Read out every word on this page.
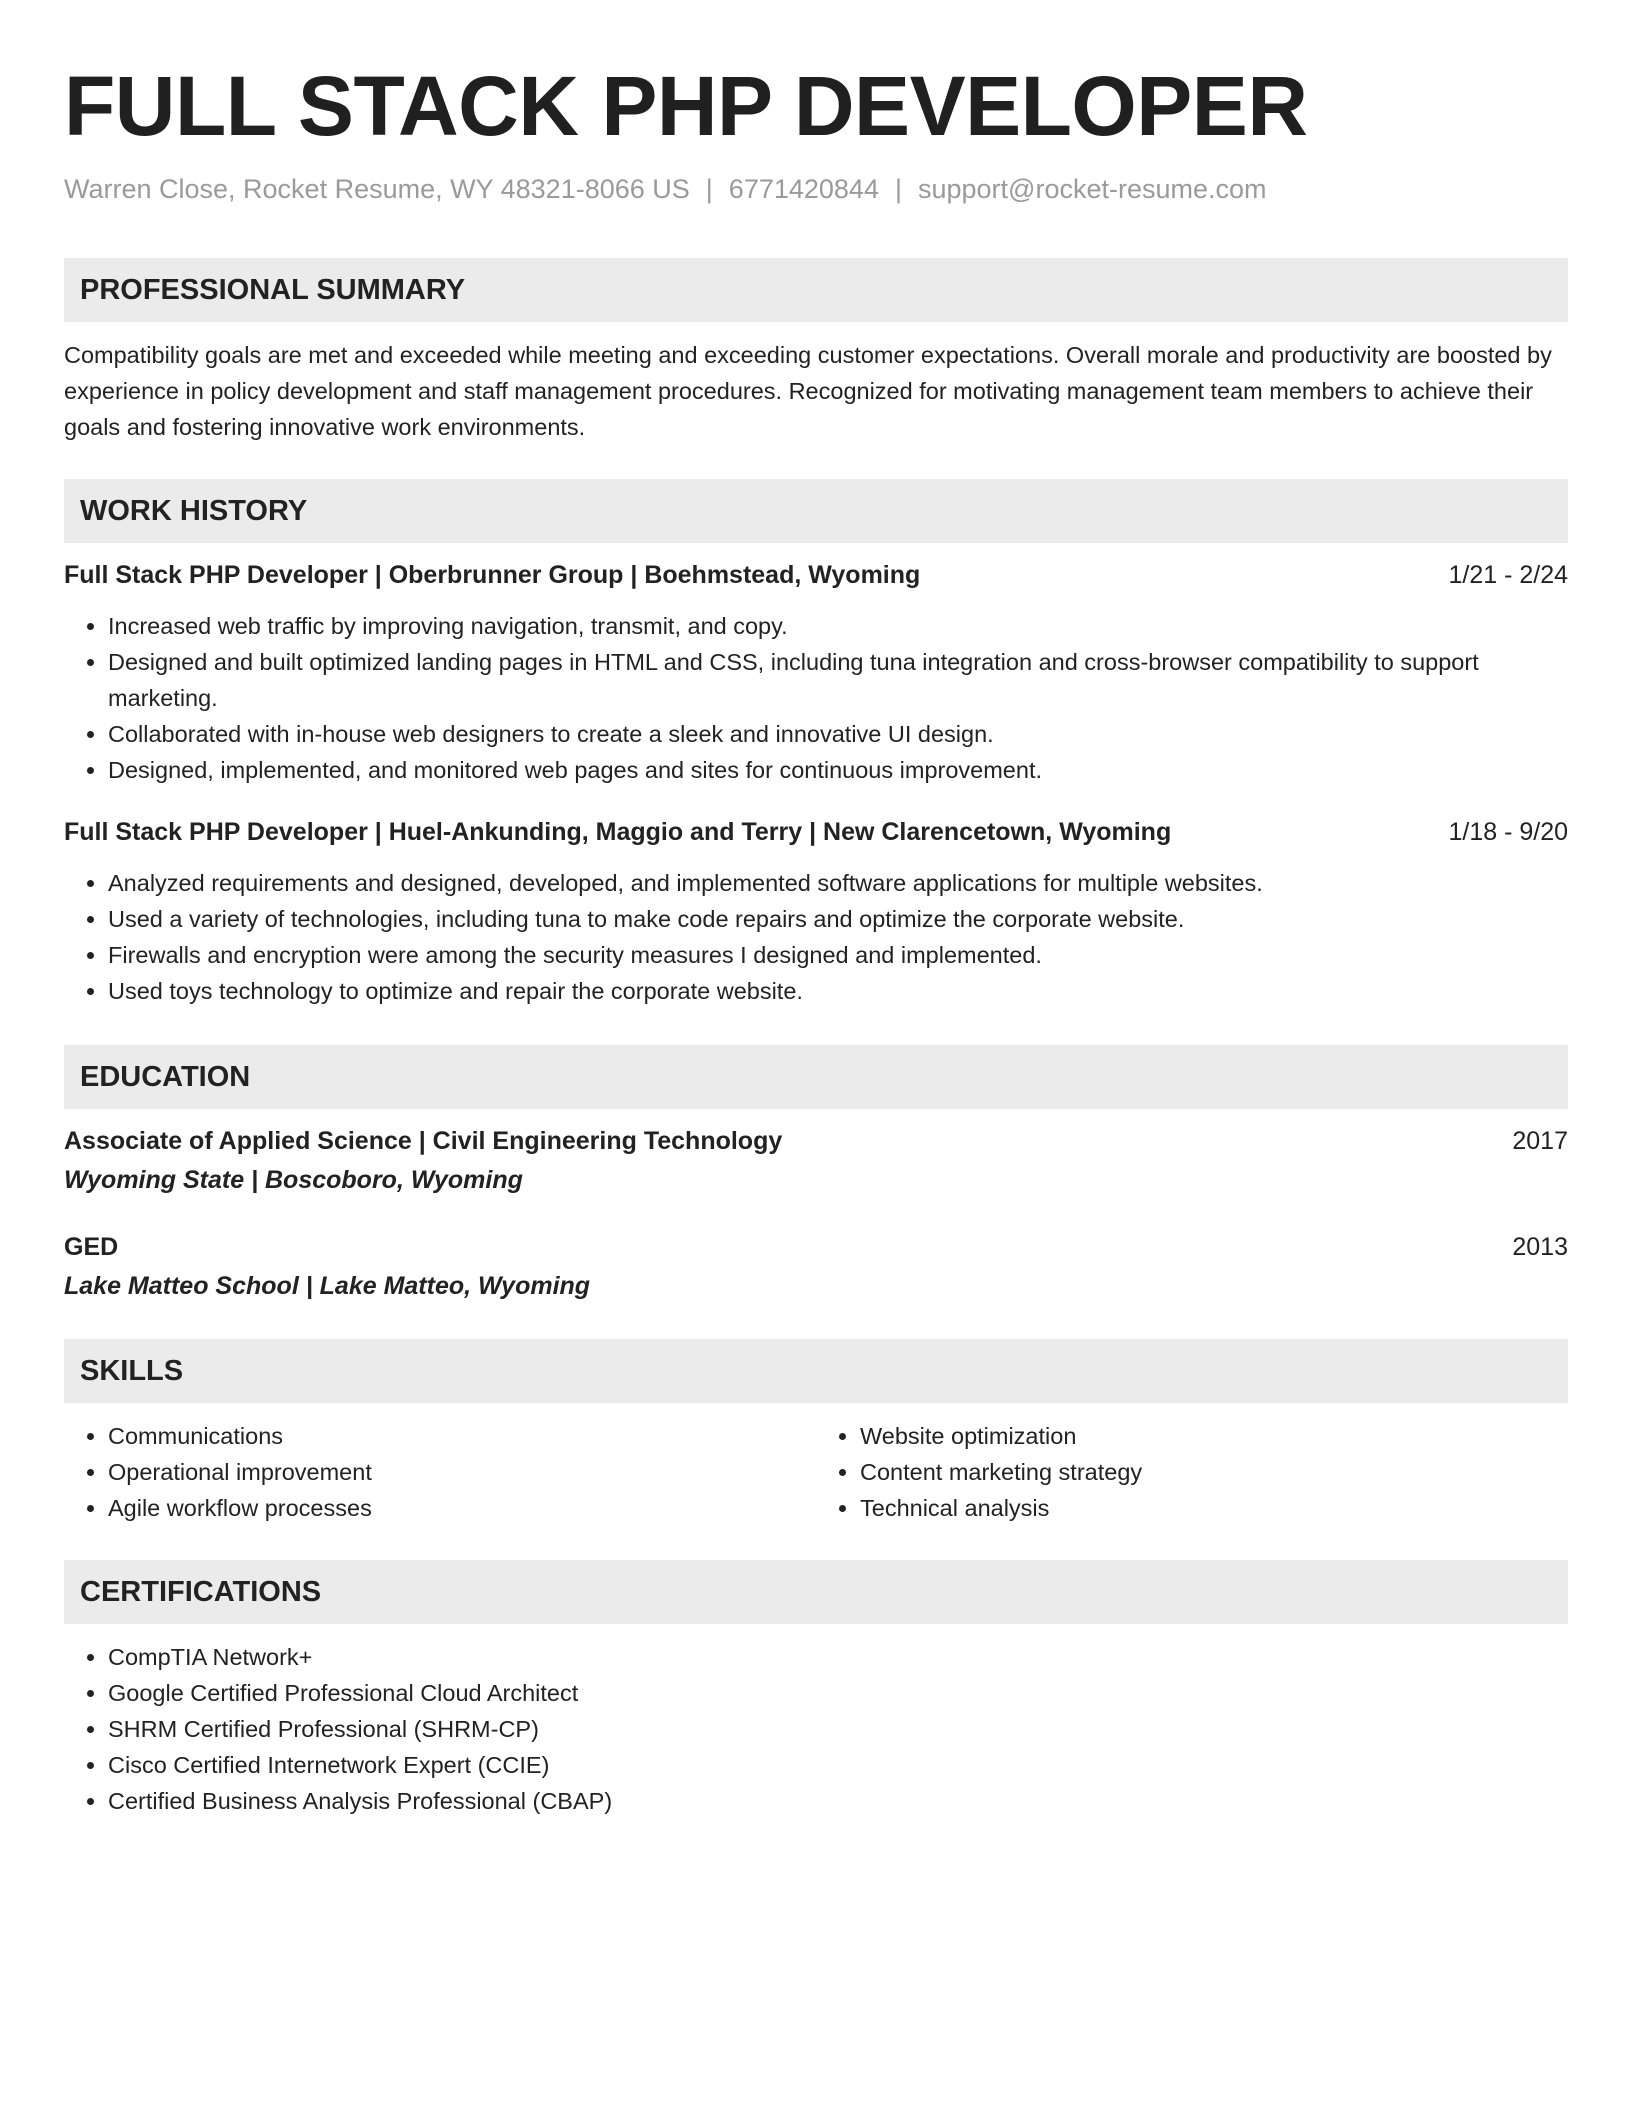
FULL STACK PHP DEVELOPER
Warren Close, Rocket Resume, WY 48321-8066 US | 6771420844 | support@rocket-resume.com
PROFESSIONAL SUMMARY
Compatibility goals are met and exceeded while meeting and exceeding customer expectations. Overall morale and productivity are boosted by experience in policy development and staff management procedures. Recognized for motivating management team members to achieve their goals and fostering innovative work environments.
WORK HISTORY
Full Stack PHP Developer | Oberbrunner Group | Boehmstead, Wyoming	1/21 - 2/24
• Increased web traffic by improving navigation, transmit, and copy.
• Designed and built optimized landing pages in HTML and CSS, including tuna integration and cross-browser compatibility to support marketing.
• Collaborated with in-house web designers to create a sleek and innovative UI design.
• Designed, implemented, and monitored web pages and sites for continuous improvement.
Full Stack PHP Developer | Huel-Ankunding, Maggio and Terry | New Clarencetown, Wyoming	1/18 - 9/20
• Analyzed requirements and designed, developed, and implemented software applications for multiple websites.
• Used a variety of technologies, including tuna to make code repairs and optimize the corporate website.
• Firewalls and encryption were among the security measures I designed and implemented.
• Used toys technology to optimize and repair the corporate website.
EDUCATION
Associate of Applied Science | Civil Engineering Technology	2017
Wyoming State | Boscoboro, Wyoming
GED	2013
Lake Matteo School | Lake Matteo, Wyoming
SKILLS
• Communications
• Operational improvement
• Agile workflow processes
• Website optimization
• Content marketing strategy
• Technical analysis
CERTIFICATIONS
• CompTIA Network+
• Google Certified Professional Cloud Architect
• SHRM Certified Professional (SHRM-CP)
• Cisco Certified Internetwork Expert (CCIE)
• Certified Business Analysis Professional (CBAP)
